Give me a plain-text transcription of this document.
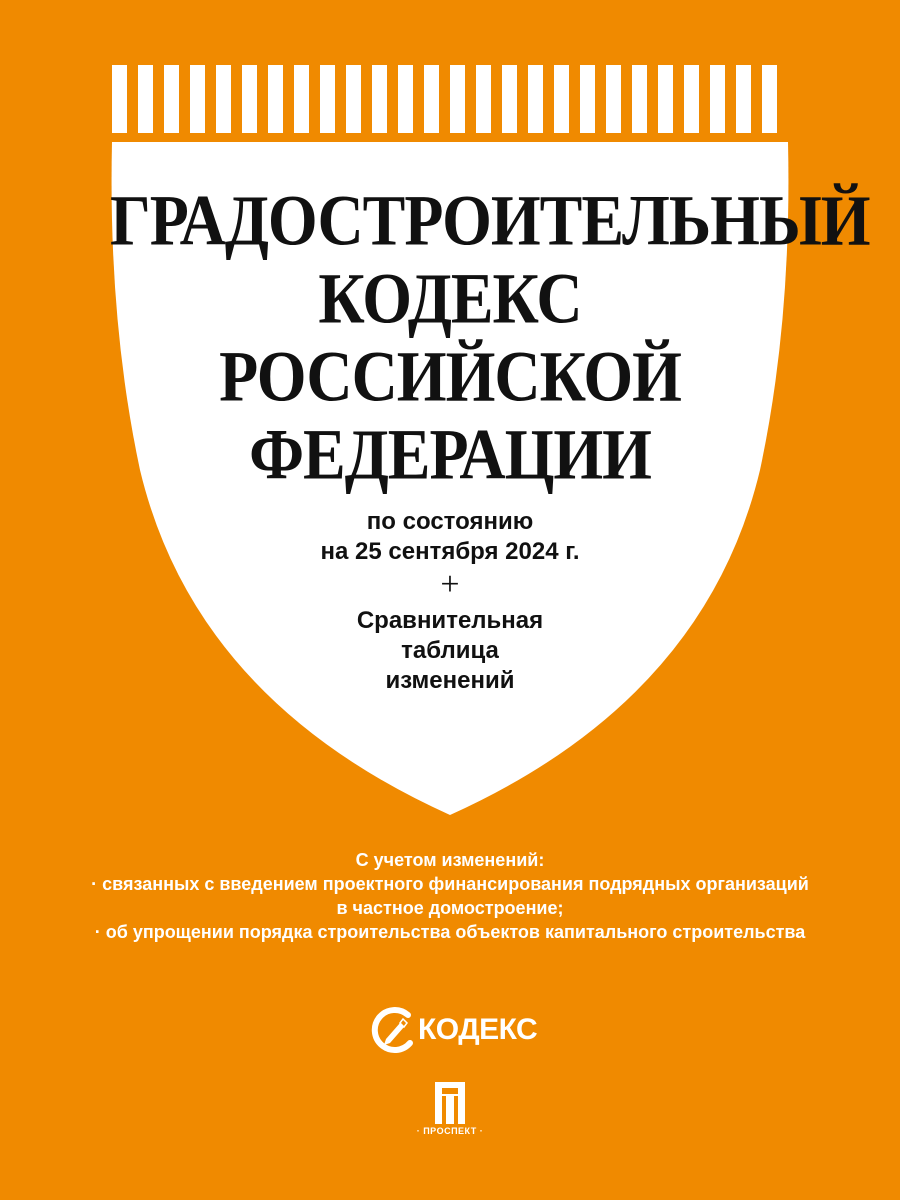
ГРАДОСТРОИТЕЛЬНЫЙ
КОДЕКС
РОССИЙСКОЙ
ФЕДЕРАЦИИ
по состоянию
на 25 сентября 2024 г.
+
Сравнительная
таблица
изменений
С учетом изменений:
· связанных с введением проектного финансирования подрядных организаций
в частное домостроение;
· об упрощении порядка строительства объектов капитального строительства
КОДЕКС
· ПРОСПЕКТ ·
